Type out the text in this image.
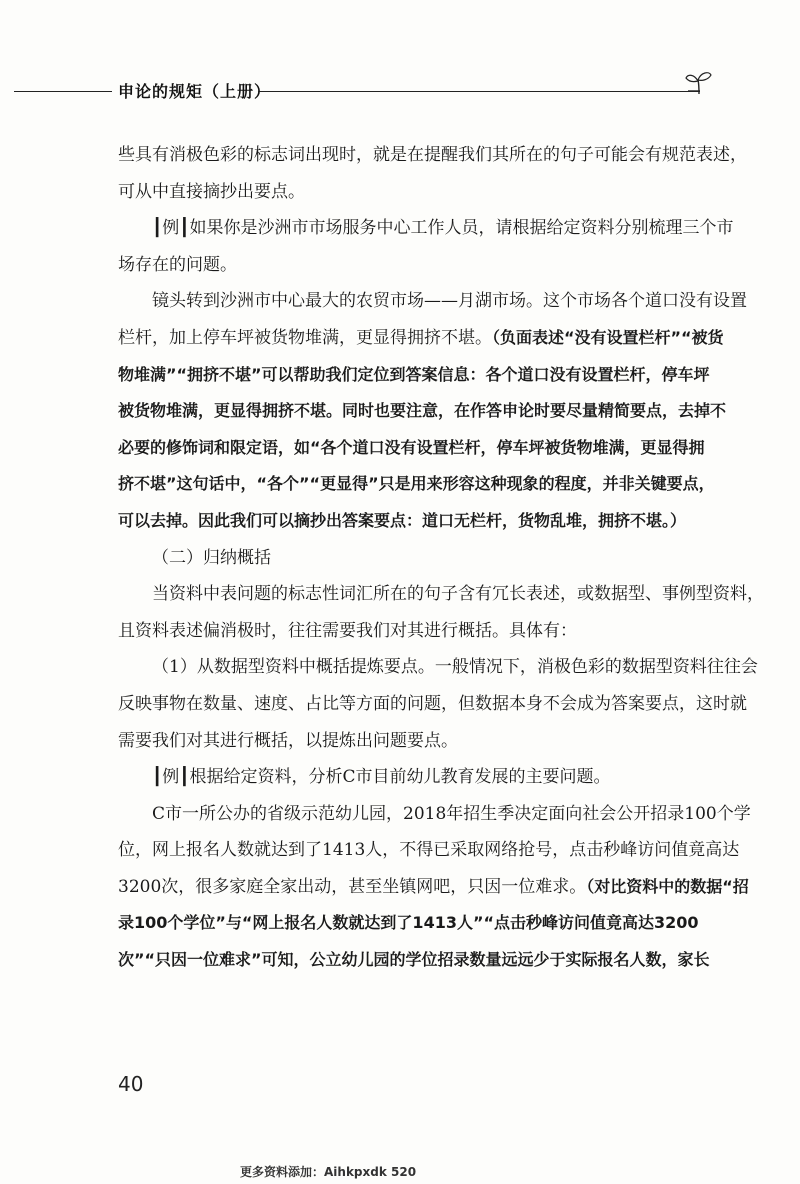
申论的规矩（上册）
些具有消极色彩的标志词出现时，就是在提醒我们其所在的句子可能会有规范表述，
可从中直接摘抄出要点。
┃例┃如果你是沙洲市市场服务中心工作人员，请根据给定资料分别梳理三个市
场存在的问题。
镜头转到沙洲市中心最大的农贸市场——月湖市场。这个市场各个道口没有设置
栏杆，加上停车坪被货物堆满，更显得拥挤不堪。（负面表述“没有设置栏杆”“被货
物堆满”“拥挤不堪”可以帮助我们定位到答案信息：各个道口没有设置栏杆，停车坪
被货物堆满，更显得拥挤不堪。同时也要注意，在作答申论时要尽量精简要点，去掉不
必要的修饰词和限定语，如“各个道口没有设置栏杆，停车坪被货物堆满，更显得拥
挤不堪”这句话中，“各个”“更显得”只是用来形容这种现象的程度，并非关键要点，
可以去掉。因此我们可以摘抄出答案要点：道口无栏杆，货物乱堆，拥挤不堪。）
（二）归纳概括
当资料中表问题的标志性词汇所在的句子含有冗长表述，或数据型、事例型资料，
且资料表述偏消极时，往往需要我们对其进行概括。具体有：
（1）从数据型资料中概括提炼要点。一般情况下，消极色彩的数据型资料往往会
反映事物在数量、速度、占比等方面的问题，但数据本身不会成为答案要点，这时就
需要我们对其进行概括，以提炼出问题要点。
┃例┃根据给定资料，分析C市目前幼儿教育发展的主要问题。
C市一所公办的省级示范幼儿园，2018年招生季决定面向社会公开招录100个学
位，网上报名人数就达到了1413人，不得已采取网络抢号，点击秒峰访问值竟高达
3200次，很多家庭全家出动，甚至坐镇网吧，只因一位难求。（对比资料中的数据“招
录100个学位”与“网上报名人数就达到了1413人”“点击秒峰访问值竟高达3200
次”“只因一位难求”可知，公立幼儿园的学位招录数量远远少于实际报名人数，家长
40
更多资料添加：Aihkpxdk 520
